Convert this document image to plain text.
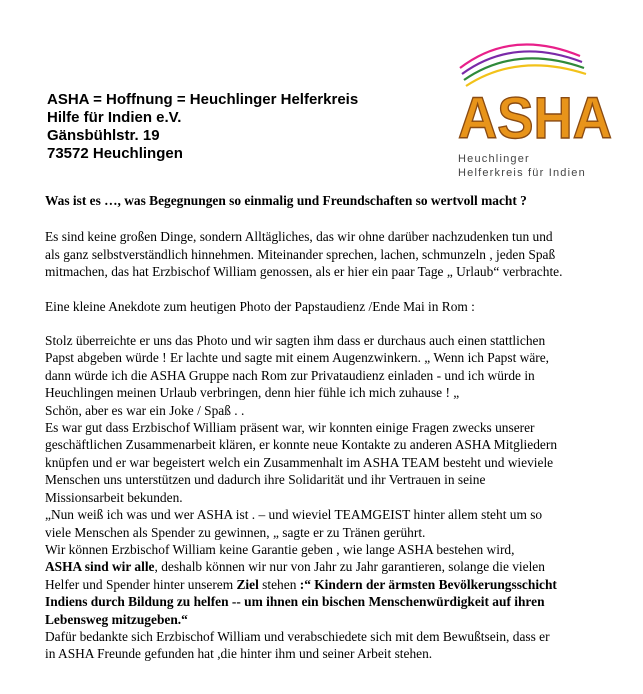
ASHA = Hoffnung = Heuchlinger Helferkreis
Hilfe für Indien e.V.
Gänsbühlstr. 19
73572 Heuchlingen
ASHA
Heuchlinger
Helferkreis für Indien
Was ist es …, was Begegnungen so einmalig und Freundschaften so wertvoll macht ?
Es sind keine großen Dinge, sondern Alltägliches, das wir ohne darüber nachzudenken tun und
als ganz selbstverständlich hinnehmen. Miteinander sprechen, lachen, schmunzeln , jeden Spaß
mitmachen, das hat Erzbischof William genossen, als er hier ein paar Tage „ Urlaub“ verbrachte.
Eine kleine Anekdote zum heutigen Photo der Papstaudienz /Ende Mai in Rom :
Stolz überreichte er uns das Photo und wir sagten ihm dass er durchaus auch einen stattlichen
Papst abgeben würde ! Er lachte und sagte mit einem Augenzwinkern. „ Wenn ich Papst wäre,
dann würde ich die ASHA Gruppe nach Rom zur Privataudienz einladen - und ich würde in
Heuchlingen meinen Urlaub verbringen, denn hier fühle ich mich zuhause ! „
Schön, aber es war ein Joke / Spaß . .
Es war gut dass Erzbischof William präsent war, wir konnten einige Fragen zwecks unserer
geschäftlichen Zusammenarbeit klären, er konnte neue Kontakte zu anderen ASHA Mitgliedern
knüpfen und er war begeistert welch ein Zusammenhalt im ASHA TEAM besteht und wieviele
Menschen uns unterstützen und dadurch ihre Solidarität und ihr Vertrauen in seine
Missionsarbeit bekunden.
„Nun weiß ich was und wer ASHA ist . – und wieviel TEAMGEIST hinter allem steht um so
viele Menschen als Spender zu gewinnen, „ sagte er zu Tränen gerührt.
Wir können Erzbischof William keine Garantie geben , wie lange ASHA bestehen wird,
ASHA sind wir alle, deshalb können wir nur von Jahr zu Jahr garantieren, solange die vielen
Helfer und Spender hinter unserem Ziel stehen :“ Kindern der ärmsten Bevölkerungsschicht
Indiens durch Bildung zu helfen -- um ihnen ein bischen Menschenwürdigkeit auf ihren
Lebensweg mitzugeben.“
Dafür bedankte sich Erzbischof William und verabschiedete sich mit dem Bewußtsein, dass er
in ASHA Freunde gefunden hat ,die hinter ihm und seiner Arbeit stehen.
